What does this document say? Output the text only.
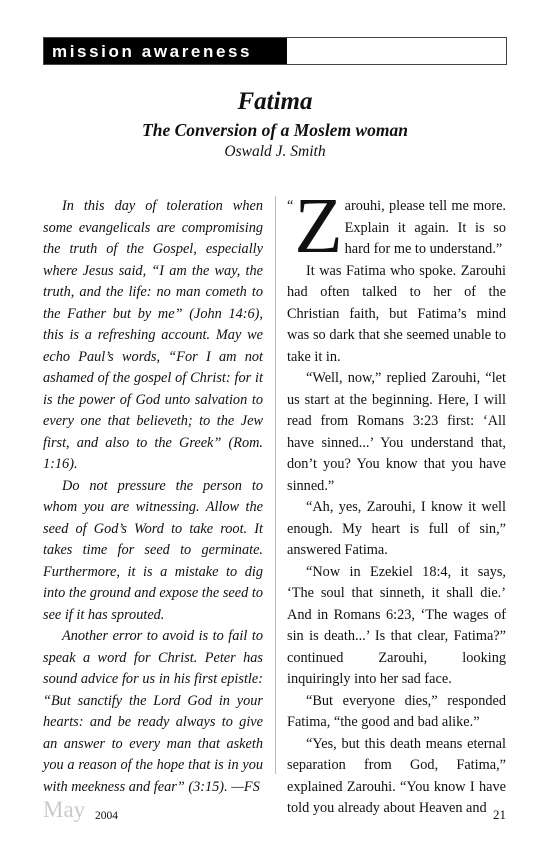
mission awareness
Fatima
The Conversion of a Moslem woman
Oswald J. Smith

In this day of toleration when some evangelicals are compromising the truth of the Gospel, especially where Jesus said, “I am the way, the truth, and the life: no man cometh to the Father but by me” (John 14:6), this is a refreshing account. May we echo Paul’s words, “For I am not ashamed of the gospel of Christ: for it is the power of God unto salvation to every one that believeth; to the Jew first, and also to the Greek” (Rom. 1:16).

Do not pressure the person to whom you are witnessing. Allow the seed of God’s Word to take root. It takes time for seed to germinate. Furthermore, it is a mistake to dig into the ground and expose the seed to see if it has sprouted.

Another error to avoid is to fail to speak a word for Christ. Peter has sound advice for us in his first epistle: “But sanctify the Lord God in your hearts: and be ready always to give an answer to every man that asketh you a reason of the hope that is in you with meekness and fear” (3:15). —FS

“ Z arouhi, please tell me more. Explain it again. It is so hard for me to understand.”

It was Fatima who spoke. Zarouhi had often talked to her of the Christian faith, but Fatima’s mind was so dark that she seemed unable to take it in.

“Well, now,” replied Zarouhi, “let us start at the beginning. Here, I will read from Romans 3:23 first: ‘All have sinned...’ You understand that, don’t you? You know that you have sinned.”

“Ah, yes, Zarouhi, I know it well enough. My heart is full of sin,” answered Fatima.

“Now in Ezekiel 18:4, it says, ‘The soul that sinneth, it shall die.’ And in Romans 6:23, ‘The wages of sin is death...’ Is that clear, Fatima?” continued Zarouhi, looking inquiringly into her sad face.

“But everyone dies,” responded Fatima, “the good and bad alike.”

“Yes, but this death means eternal separation from God, Fatima,” explained Zarouhi. “You know I have told you already about Heaven and

May 2004	21
